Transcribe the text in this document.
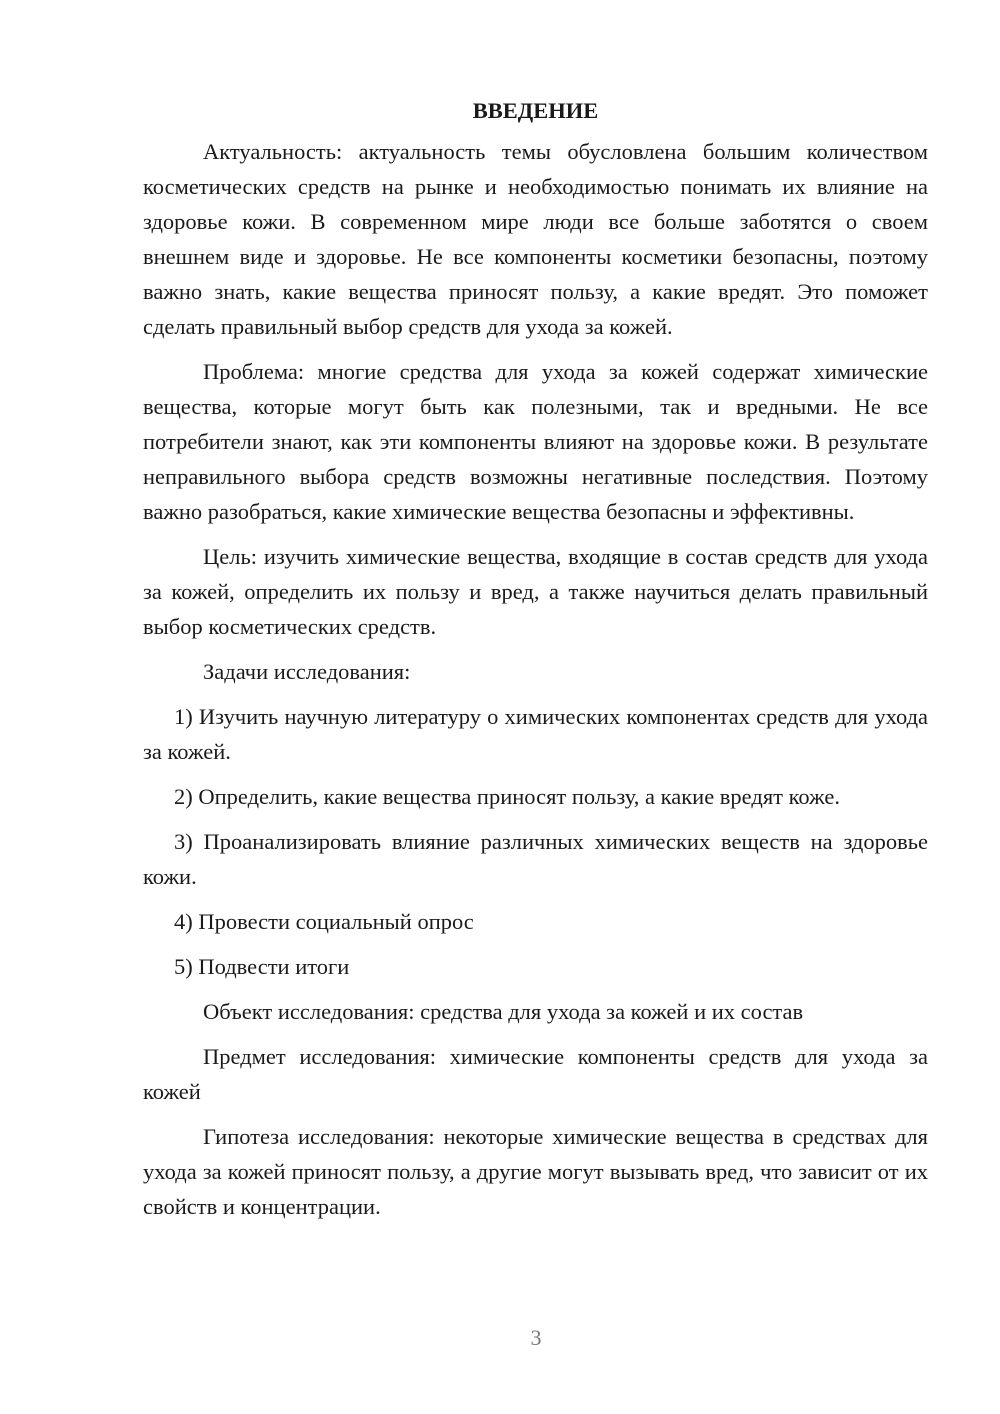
ВВЕДЕНИЕ

Актуальность: актуальность темы обусловлена большим количеством косметических средств на рынке и необходимостью понимать их влияние на здоровье кожи. В современном мире люди все больше заботятся о своем внешнем виде и здоровье. Не все компоненты косметики безопасны, поэтому важно знать, какие вещества приносят пользу, а какие вредят. Это поможет сделать правильный выбор средств для ухода за кожей.

Проблема: многие средства для ухода за кожей содержат химические вещества, которые могут быть как полезными, так и вредными. Не все потребители знают, как эти компоненты влияют на здоровье кожи. В результате неправильного выбора средств возможны негативные последствия. Поэтому важно разобраться, какие химические вещества безопасны и эффективны.

Цель: изучить химические вещества, входящие в состав средств для ухода за кожей, определить их пользу и вред, а также научиться делать правильный выбор косметических средств.

Задачи исследования:

1) Изучить научную литературу о химических компонентах средств для ухода за кожей.

2) Определить, какие вещества приносят пользу, а какие вредят коже.

3) Проанализировать влияние различных химических веществ на здоровье кожи.

4) Провести социальный опрос

5) Подвести итоги

Объект исследования: средства для ухода за кожей и их состав

Предмет исследования: химические компоненты средств для ухода за кожей

Гипотеза исследования: некоторые химические вещества в средствах для ухода за кожей приносят пользу, а другие могут вызывать вред, что зависит от их свойств и концентрации.

3
